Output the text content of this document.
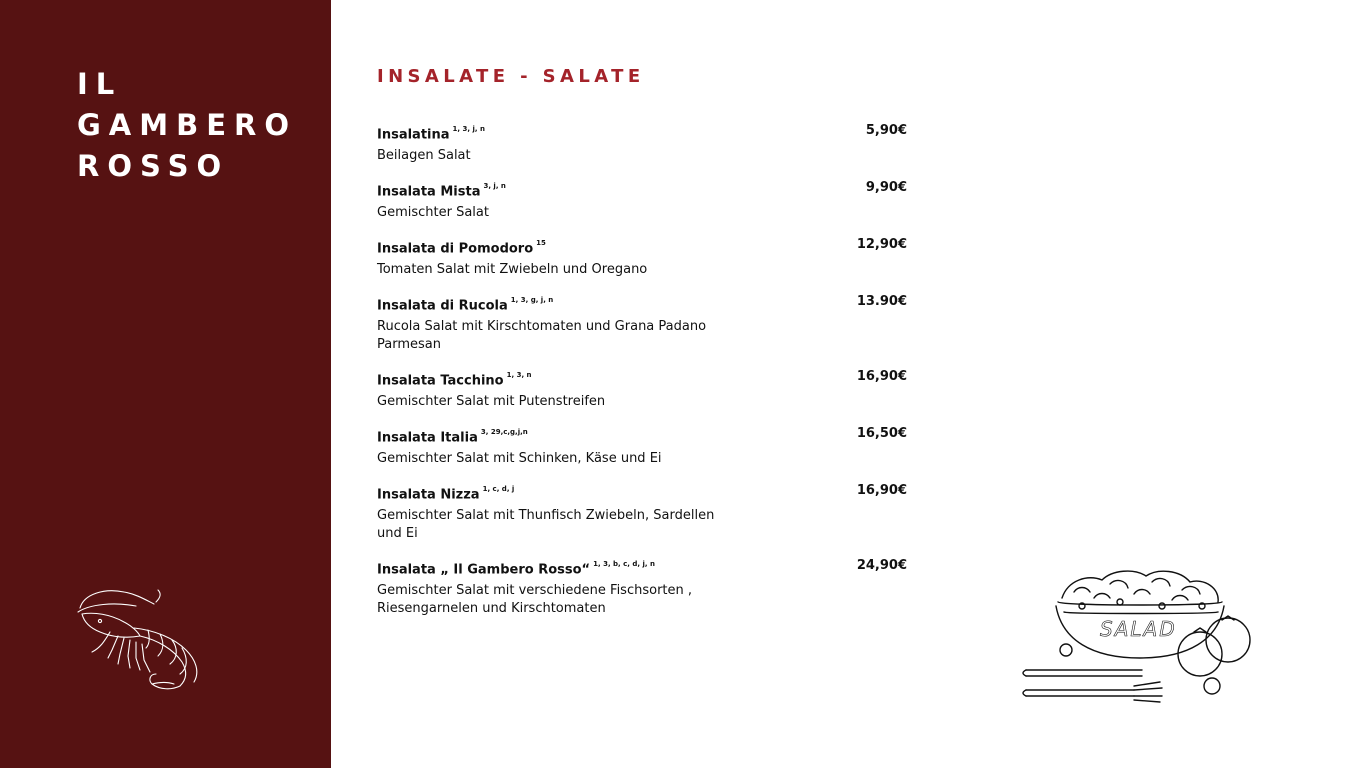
IL
GAMBERO
ROSSO
INSALATE - SALATE
Insalatina $^{1, 3, j, n}$	5,90€
Beilagen Salat
Insalata Mista $^{3, j, n}$	9,90€
Gemischter Salat
Insalata di Pomodoro $^{15}$	12,90€
Tomaten Salat mit Zwiebeln und Oregano
Insalata di Rucola $^{1, 3, g, j, n}$	13.90€
Rucola Salat mit Kirschtomaten und Grana Padano Parmesan
Insalata Tacchino $^{1, 3, n}$	16,90€
Gemischter Salat mit Putenstreifen
Insalata Italia $^{3, 29,c,g,j,n}$	16,50€
Gemischter Salat mit Schinken, Käse und Ei
Insalata Nizza $^{1, c, d, j}$	16,90€
Gemischter Salat mit Thunfisch Zwiebeln, Sardellen und Ei
Insalata „ Il Gambero Rosso“ $^{1, 3, b, c, d, j, n}$	24,90€
Gemischter Salat mit verschiedene Fischsorten , Riesengarnelen und Kirschtomaten
SALAD
